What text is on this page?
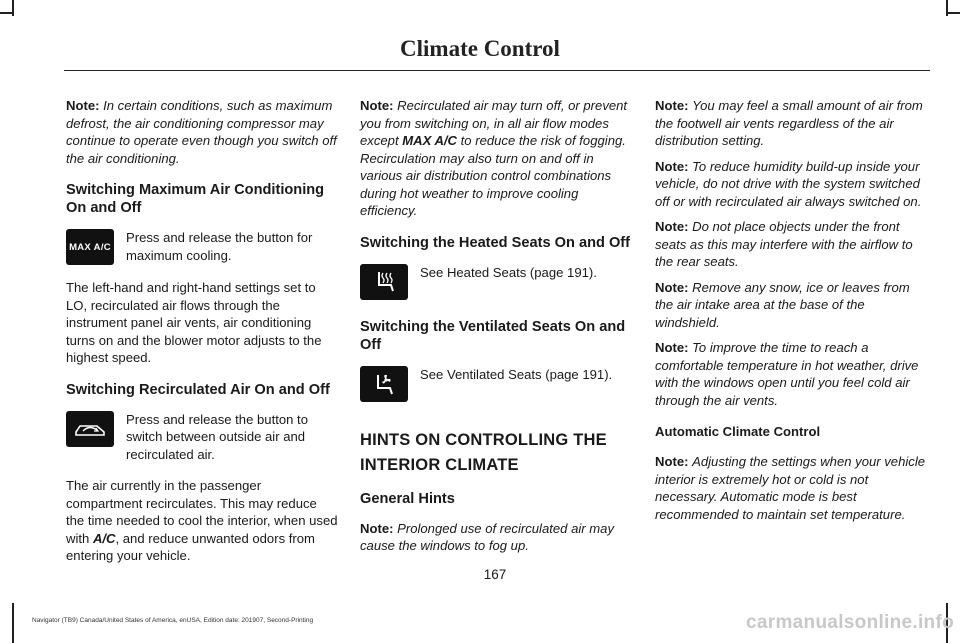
Climate Control

Note: In certain conditions, such as maximum defrost, the air conditioning compressor may continue to operate even though you switch off the air conditioning.

Switching Maximum Air Conditioning On and Off
MAX A/C
Press and release the button for maximum cooling.

The left-hand and right-hand settings set to LO, recirculated air flows through the instrument panel air vents, air conditioning turns on and the blower motor adjusts to the highest speed.

Switching Recirculated Air On and Off
Press and release the button to switch between outside air and recirculated air.

The air currently in the passenger compartment recirculates. This may reduce the time needed to cool the interior, when used with A/C, and reduce unwanted odors from entering your vehicle.

Note: Recirculated air may turn off, or prevent you from switching on, in all air flow modes except MAX A/C to reduce the risk of fogging. Recirculation may also turn on and off in various air distribution control combinations during hot weather to improve cooling efficiency.

Switching the Heated Seats On and Off
See Heated Seats (page 191).
Switching the Ventilated Seats On and Off
See Ventilated Seats (page 191).
HINTS ON CONTROLLING THE
INTERIOR CLIMATE
General Hints

Note: Prolonged use of recirculated air may cause the windows to fog up.

Note: You may feel a small amount of air from the footwell air vents regardless of the air distribution setting.

Note: To reduce humidity build-up inside your vehicle, do not drive with the system switched off or with recirculated air always switched on.

Note: Do not place objects under the front seats as this may interfere with the airflow to the rear seats.

Note: Remove any snow, ice or leaves from the air intake area at the base of the windshield.

Note: To improve the time to reach a comfortable temperature in hot weather, drive with the windows open until you feel cold air through the air vents.

Automatic Climate Control

Note: Adjusting the settings when your vehicle interior is extremely hot or cold is not necessary. Automatic mode is best recommended to maintain set temperature.

167
Navigator (TB9) Canada/United States of America, enUSA, Edition date: 201907, Second-Printing	carmanualsonline.info
